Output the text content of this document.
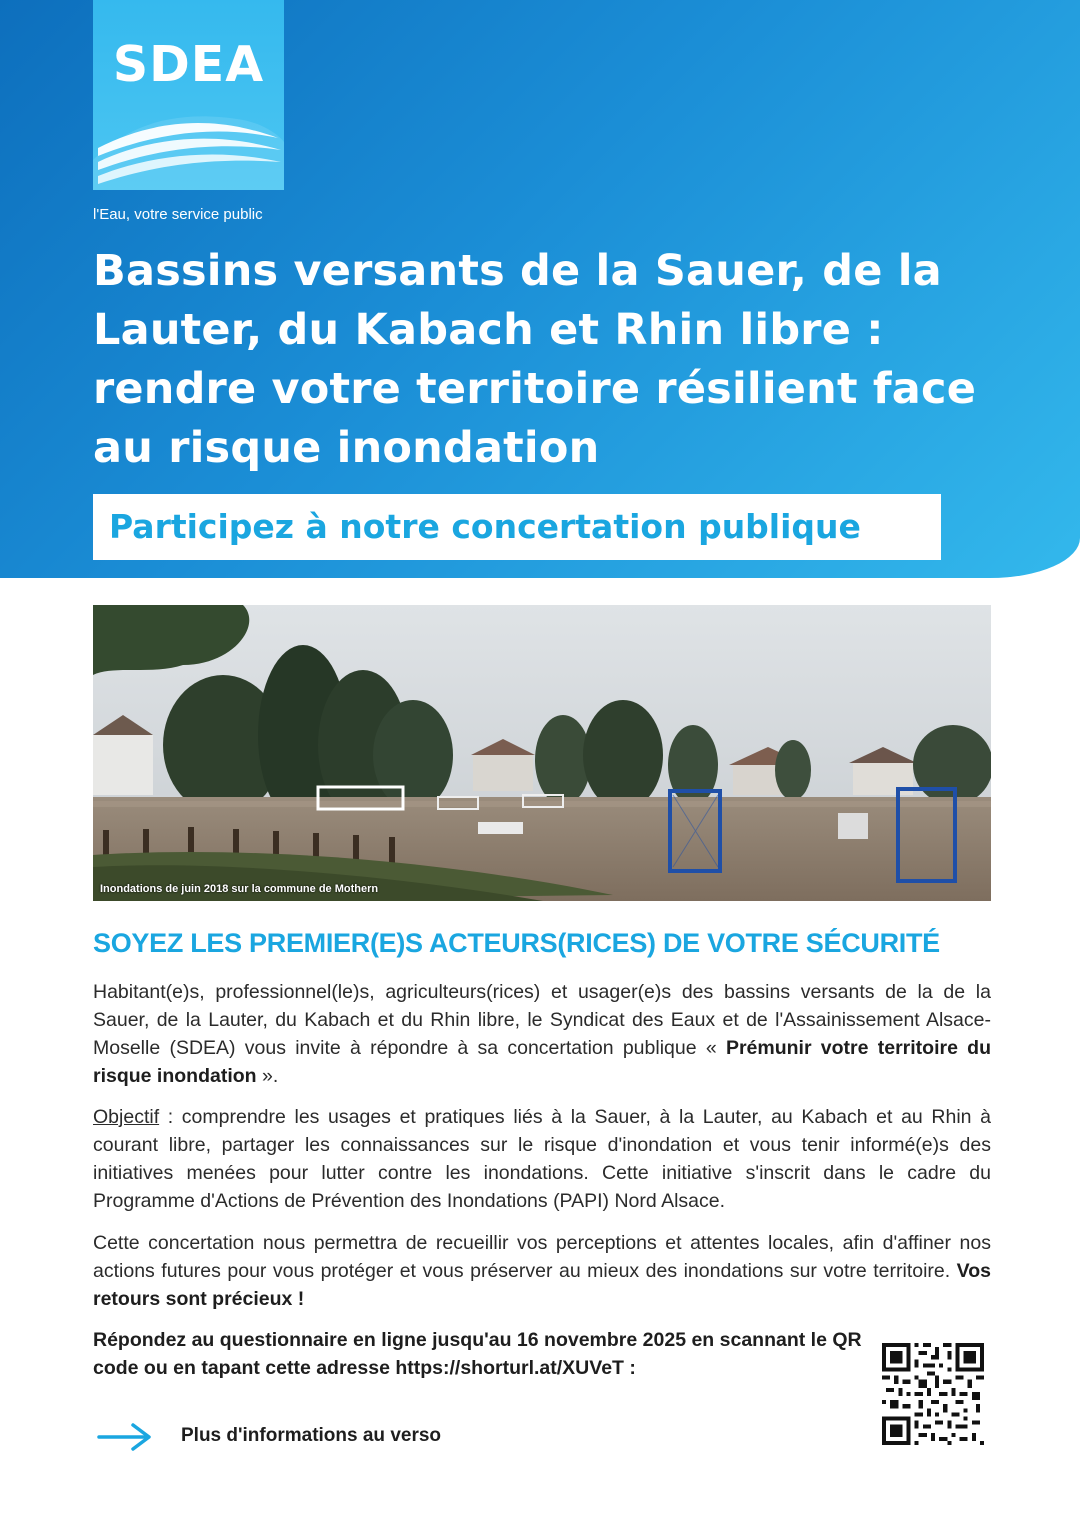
SDEA
l'Eau, votre service public
Bassins versants de la Sauer, de la Lauter, du Kabach et Rhin libre : rendre votre territoire résilient face au risque inondation
Participez à notre concertation publique
Inondations de juin 2018 sur la commune de Mothern
SOYEZ LES PREMIER(E)S ACTEURS(RICES) DE VOTRE SÉCURITÉ
Habitant(e)s, professionnel(le)s, agriculteurs(rices) et usager(e)s des bassins versants de la de la Sauer, de la Lauter, du Kabach et du Rhin libre, le Syndicat des Eaux et de l'Assainissement Alsace-Moselle (SDEA) vous invite à répondre à sa concertation publique « Prémunir votre territoire du risque inondation ».
Objectif : comprendre les usages et pratiques liés à la Sauer, à la Lauter, au Kabach et au Rhin à courant libre, partager les connaissances sur le risque d'inondation et vous tenir informé(e)s des initiatives menées pour lutter contre les inondations. Cette initiative s'inscrit dans le cadre du Programme d'Actions de Prévention des Inondations (PAPI) Nord Alsace.
Cette concertation nous permettra de recueillir vos perceptions et attentes locales, afin d'affiner nos actions futures pour vous protéger et vous préserver au mieux des inondations sur votre territoire. Vos retours sont précieux !
Répondez au questionnaire en ligne jusqu'au 16 novembre 2025 en scannant le QR code ou en tapant cette adresse https://shorturl.at/XUVeT :
Plus d'informations au verso
